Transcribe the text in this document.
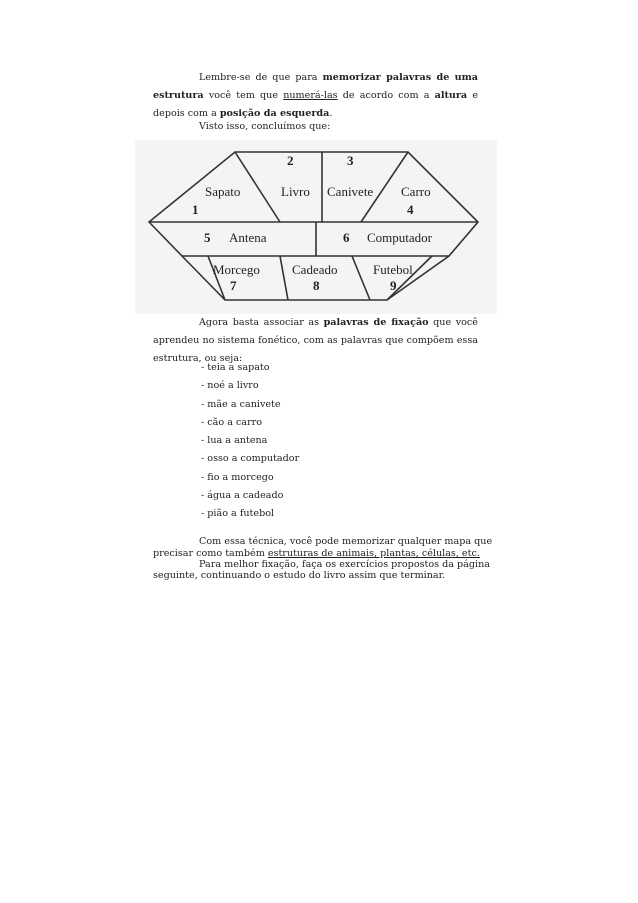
Lembre-se de que para memorizar palavras de uma estrutura você tem que numerá-las de acordo com a altura e depois com a posição da esquerda.
Visto isso, concluímos que:
1
Sapato
2
Livro
3
Canivete
4
Carro
5 Antena	6 Computador
Morcego
7
Cadeado
8
Futebol
9
Agora basta associar as palavras de fixação que você aprendeu no sistema fonético, com as palavras que compõem essa estrutura, ou seja:
- teia a sapato
- noé a livro
- mãe a canivete
- cão a carro
- lua a antena
- osso a computador
- fio a morcego
- água a cadeado
- pião a futebol
Com essa técnica, você pode memorizar qualquer mapa que
precisar como também estruturas de animais, plantas, células, etc.
Para melhor fixação, faça os exercícios propostos da página
seguinte, continuando o estudo do livro assim que terminar.
